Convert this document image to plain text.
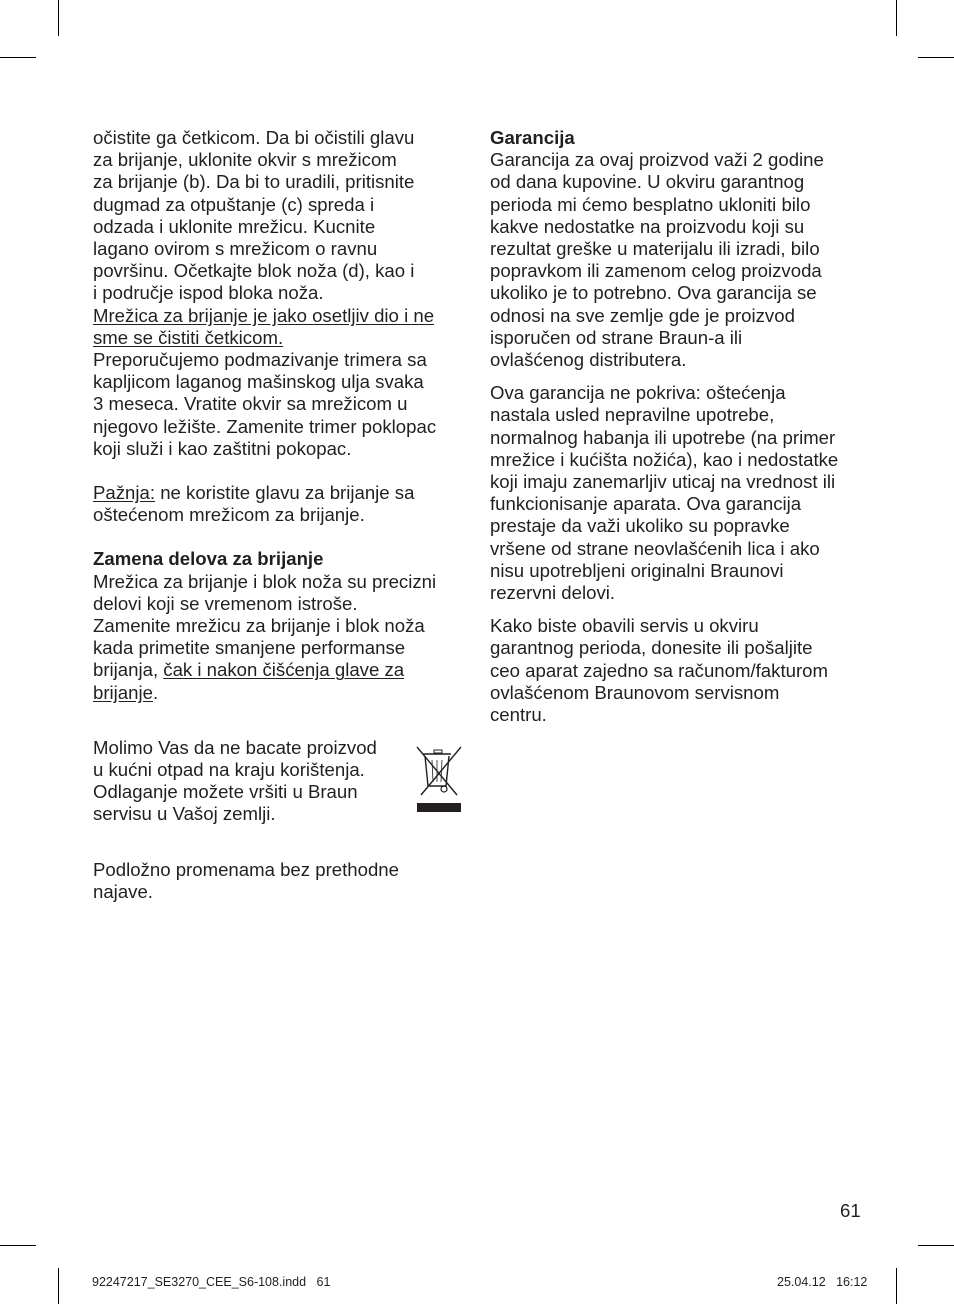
očistite ga četkicom. Da bi očistili glavu
za brijanje, uklonite okvir s mrežicom
za brijanje (b). Da bi to uradili, pritisnite
dugmad za otpuštanje (c) spreda i
odzada i uklonite mrežicu. Kucnite
lagano ovirom s mrežicom o ravnu
površinu. Očetkajte blok noža (d), kao i
i područje ispod bloka noža.
Mrežica za brijanje je jako osetljiv dio i ne
sme se čistiti četkicom.
Preporučujemo podmazivanje trimera sa
kapljicom laganog mašinskog ulja svaka
3 meseca. Vratite okvir sa mrežicom u
njegovo ležište. Zamenite trimer poklopac
koji služi i kao zaštitni pokopac.
Pažnja: ne koristite glavu za brijanje sa
oštećenom mrežicom za brijanje.
Zamena delova za brijanje
Mrežica za brijanje i blok noža su precizni
delovi koji se vremenom istroše.
Zamenite mrežicu za brijanje i blok noža
kada primetite smanjene performanse
brijanja, čak i nakon čišćenja glave za
brijanje.
Molimo Vas da ne bacate proizvod
u kućni otpad na kraju korištenja.
Odlaganje možete vršiti u Braun
servisu u Vašoj zemlji.
Podložno promenama bez prethodne
najave.
Garancija
Garancija za ovaj proizvod važi 2 godine
od dana kupovine. U okviru garantnog
perioda mi ćemo besplatno ukloniti bilo
kakve nedostatke na proizvodu koji su
rezultat greške u materijalu ili izradi, bilo
popravkom ili zamenom celog proizvoda
ukoliko je to potrebno. Ova garancija se
odnosi na sve zemlje gde je proizvod
isporučen od strane Braun-a ili
ovlašćenog distributera.
Ova garancija ne pokriva: oštećenja
nastala usled nepravilne upotrebe,
normalnog habanja ili upotrebe (na primer
mrežice i kućišta nožića), kao i nedostatke
koji imaju zanemarljiv uticaj na vrednost ili
funkcionisanje aparata. Ova garancija
prestaje da važi ukoliko su popravke
vršene od strane neovlašćenih lica i ako
nisu upotrebljeni originalni Braunovi
rezervni delovi.
Kako biste obavili servis u okviru
garantnog perioda, donesite ili pošaljite
ceo aparat zajedno sa računom/fakturom
ovlašćenom Braunovom servisnom
centru.
61
92247217_SE3270_CEE_S6-108.indd   61	25.04.12   16:12
